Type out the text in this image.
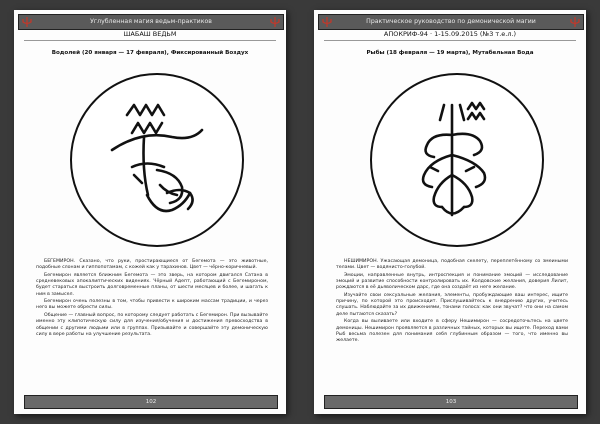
Углубленная магия ведьм-практиков
ШАБАШ ВЕДЬМ
Водолей (20 января — 17 февраля), Фиксированный Воздух

БЕГЕМИРОН. Сказано, что руки, простирающиеся от Бегемота — это животные, подобные слонам и гиппопотамам, с кожей как у тарахинов. Цвет — чёрно-коричневый.

Бегемирон является ближним Бегемота — это зверь, на котором двигался Сатана в средневековых апокалиптических видениях. Чёрный Адепт, работающий с Бегемироном, будет стараться выстроить долговременные планы, от шести месяцев и более, и шагать к ним в замысел.

Бегемирон очень полезны в том, чтобы привести к широким массам традиции, и через него вы можете обрести силы.

Общение — главный вопрос, по которому следует работать с Бегемирон. При вызывайте именно эту клипотическую силу для изучения/обучения и достижения превосходства в общении с другими людьми или в группах. Призывайте и совершайте эту демоническую силу в вере работы на улучшение результата.

102
Практическое руководство по демонической магии
АПОКРИФ-94 · 1-15.09.2015 (№3 т.е.л.)
Рыбы (18 февраля — 19 марта), Мутабельная Вода

НЕШИМИРОН. Ужасающая демоница, подобная скелету, переплетённому со змеиными телами. Цвет — водянисто-голубой.

Эмоции, направленные внутрь, интроспекция и понимание эмоций — исследование эмоций и развитие способности контролировать их. Колдовские желания, доверия Лилит, рождаются в её дьяволическом дарс, где она создаёт из неге желание.

Изучайте свои сексуальные желания, элементы, пробуждающие ваш интерес, ищите причину, по которой это происходит. Прислушивайтесь к внедрению других, учитесь слушать. Наблюдайте за их движениями, тонами голоса: как они звучат? что они на самом деле пытаются сказать?

Когда вы выливаете или входите в сферу Нешимирон — сосредоточьтесь на цвете демоницы. Нешимирон проявляется в различных тайных, которых вы ищете. Переход вами Рыб весьма полезен для понимания себя глубинным образом — того, что именно вы желаете.

103
